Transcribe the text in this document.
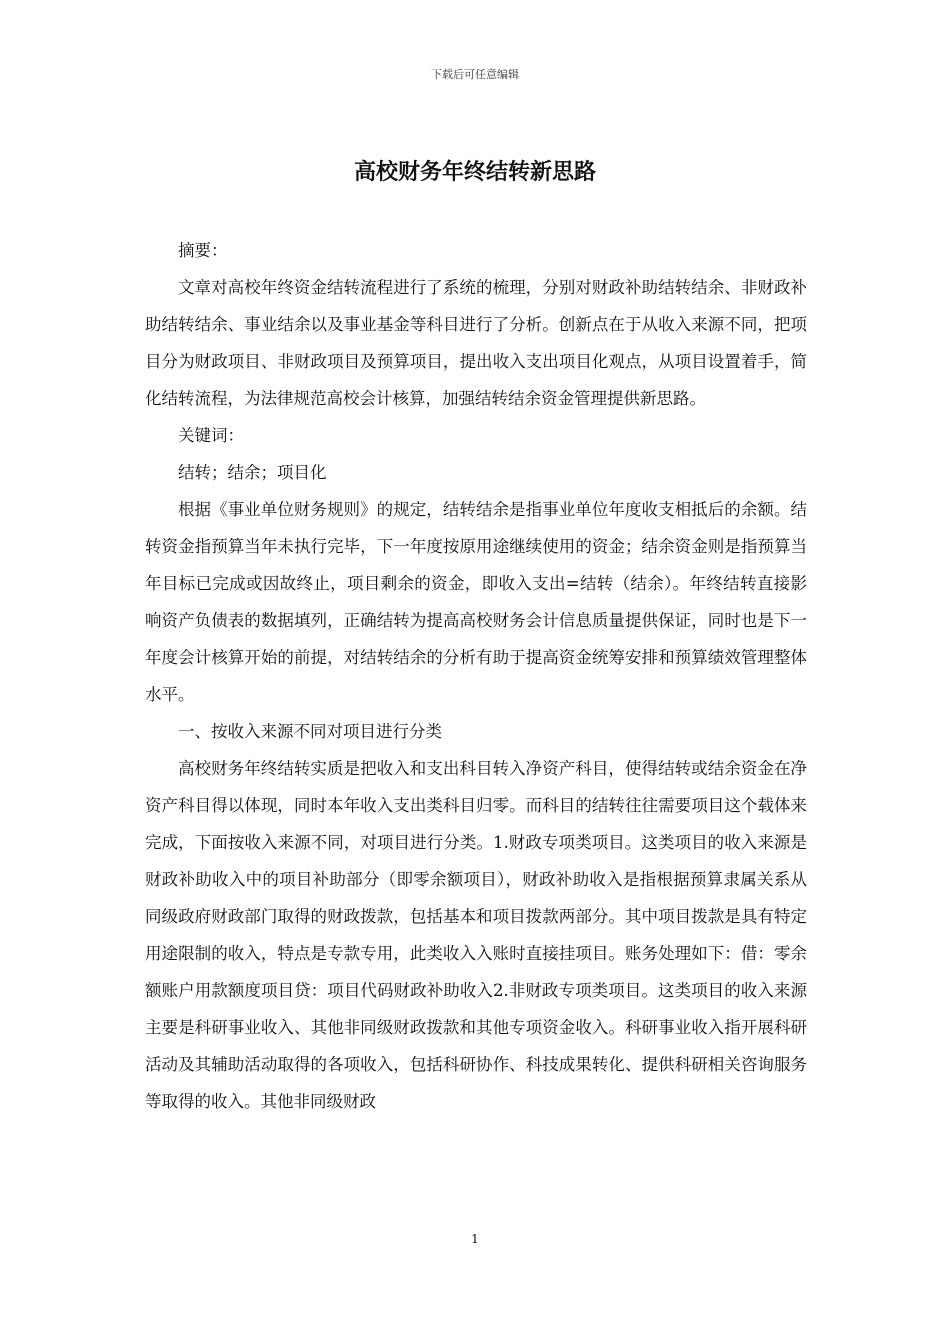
下载后可任意编辑
高校财务年终结转新思路

摘要：

文章对高校年终资金结转流程进行了系统的梳理，分别对财政补助结转结余、非财政补助结转结余、事业结余以及事业基金等科目进行了分析。创新点在于从收入来源不同，把项目分为财政项目、非财政项目及预算项目，提出收入支出项目化观点，从项目设置着手，简化结转流程，为法律规范高校会计核算，加强结转结余资金管理提供新思路。

关键词：

结转；结余；项目化

根据《事业单位财务规则》的规定，结转结余是指事业单位年度收支相抵后的余额。结转资金指预算当年未执行完毕，下一年度按原用途继续使用的资金；结余资金则是指预算当年目标已完成或因故终止，项目剩余的资金，即收入支出=结转（结余）。年终结转直接影响资产负债表的数据填列，正确结转为提高高校财务会计信息质量提供保证，同时也是下一年度会计核算开始的前提，对结转结余的分析有助于提高资金统筹安排和预算绩效管理整体水平。

一、按收入来源不同对项目进行分类

高校财务年终结转实质是把收入和支出科目转入净资产科目，使得结转或结余资金在净资产科目得以体现，同时本年收入支出类科目归零。而科目的结转往往需要项目这个载体来完成，下面按收入来源不同，对项目进行分类。1.财政专项类项目。这类项目的收入来源是财政补助收入中的项目补助部分（即零余额项目），财政补助收入是指根据预算隶属关系从同级政府财政部门取得的财政拨款，包括基本和项目拨款两部分。其中项目拨款是具有特定用途限制的收入，特点是专款专用，此类收入入账时直接挂项目。账务处理如下：借：零余额账户用款额度项目贷：项目代码财政补助收入2.非财政专项类项目。这类项目的收入来源主要是科研事业收入、其他非同级财政拨款和其他专项资金收入。科研事业收入指开展科研活动及其辅助活动取得的各项收入，包括科研协作、科技成果转化、提供科研相关咨询服务等取得的收入。其他非同级财政

1
